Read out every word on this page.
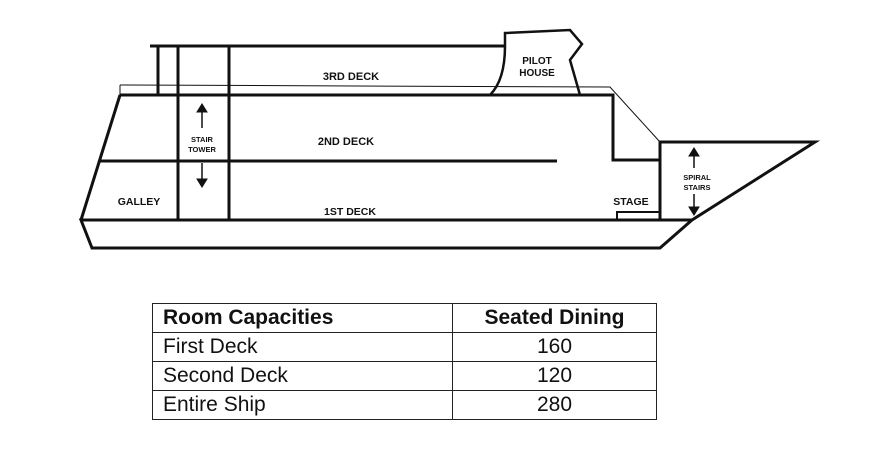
3RD DECK
PILOT
HOUSE
STAIR
TOWER
2ND DECK
GALLEY
1ST DECK
STAGE
SPIRAL
STAIRS
Room Capacities	Seated Dining
First Deck	160
Second Deck	120
Entire Ship	280
